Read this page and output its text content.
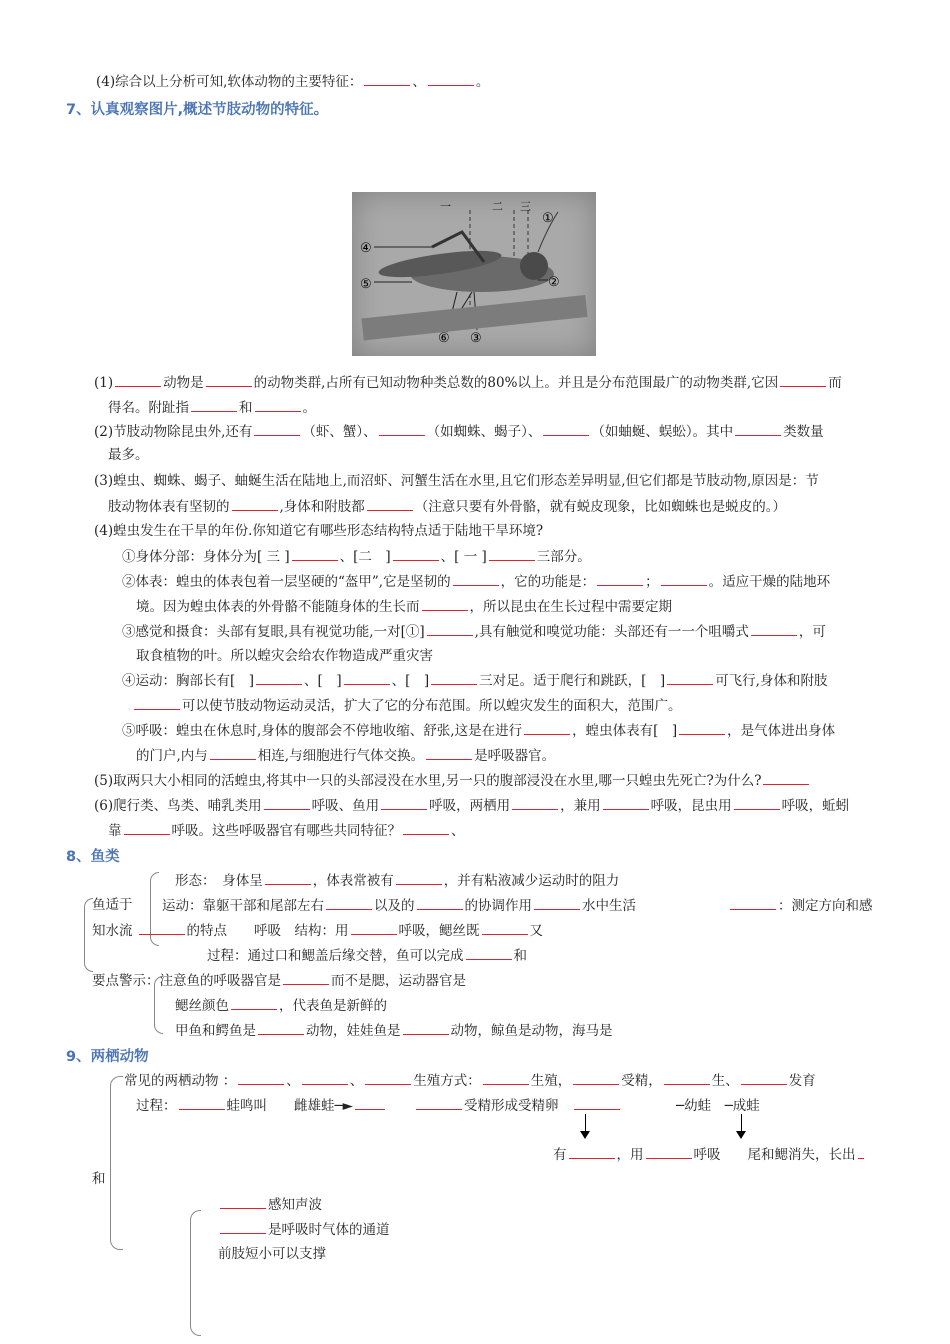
(4)综合以上分析可知,软体动物的主要特征：	、	。
7、认真观察图片,概述节肢动物的特征。
一	二 三
①
②
③
④
⑤
⑥
(1)	动物是	的动物类群,占所有已知动物种类总数的80%以上。并且是分布范围最广的动物类群,它因	而
得名。附趾指	和	。
(2)节肢动物除昆虫外,还有	（虾、蟹）、	（如蜘蛛、蝎子）、	（如蚰蜒、蜈蚣）。其中	类数量
最多。
(3)蝗虫、蜘蛛、蝎子、蚰蜒生活在陆地上,而沼虾、河蟹生活在水里,且它们形态差异明显,但它们都是节肢动物,原因是：节
肢动物体表有坚韧的	,身体和附肢都	（注意只要有外骨骼，就有蜕皮现象，比如蜘蛛也是蜕皮的。）
(4)蝗虫发生在干旱的年份.你知道它有哪些形态结构特点适于陆地干旱环境?
①身体分部：身体分为[ 三 ]	、[二　]	、[ 一 ]	三部分。
②体表：蝗虫的体表包着一层坚硬的“盔甲”,它是坚韧的	，它的功能是：	；	。适应干燥的陆地环
境。因为蝗虫体表的外骨骼不能随身体的生长而	，所以昆虫在生长过程中需要定期
③感觉和摄食：头部有复眼,具有视觉功能,一对[①]	,具有触觉和嗅觉功能：头部还有一一个咀嚼式	，可
取食植物的叶。所以蝗灾会给农作物造成严重灾害
④运动：胸部长有[　]	、[　]	、[　]	三对足。适于爬行和跳跃，[　]	可飞行,身体和附肢
可以使节肢动物运动灵活，扩大了它的分布范围。所以蝗灾发生的面积大，范围广。
⑤呼吸：蝗虫在休息时,身体的腹部会不停地收缩、舒张,这是在进行	，蝗虫体表有[　]	，是气体进出身体
的门户,内与	相连,与细胞进行气体交换。	是呼吸器官。
(5)取两只大小相同的活蝗虫,将其中一只的头部浸没在水里,另一只的腹部浸没在水里,哪一只蝗虫先死亡?为什么?
(6)爬行类、鸟类、哺乳类用	呼吸、鱼用	呼吸，两栖用	，兼用	呼吸，昆虫用	呼吸，蚯蚓
靠	呼吸。这些呼吸器官有哪些共同特征？	、
8、鱼类
形态：　身体呈	，体表常被有	，并有粘液减少运动时的阻力
鱼适于 运动：靠躯干部和尾部左右	以及的	的协调作用	水中生活	：测定方向和感
知水流	的特点　　 呼吸　结构：用	呼吸，鳃丝既	又
过程：通过口和鳃盖后缘交替，鱼可以完成	和
要点警示：注意鱼的呼吸器官是	而不是腮，运动器官是
鳃丝颜色	，代表鱼是新鲜的
甲鱼和鳄鱼是	动物，娃娃鱼是	动物，鲸鱼是动物，海马是
9、两栖动物
常见的两栖动物 ：	、	、	生殖方式：	生殖，	受精，	生、	发育
过程：	蛙鸣叫　　 雌雄蛙─►　　	受精形成受精卵　　　　　	─幼蛙　 ─成蛙
有	，用	呼吸　　 尾和鳃消失，长出
和
感知声波
是呼吸时气体的通道
前肢短小可以支撑
